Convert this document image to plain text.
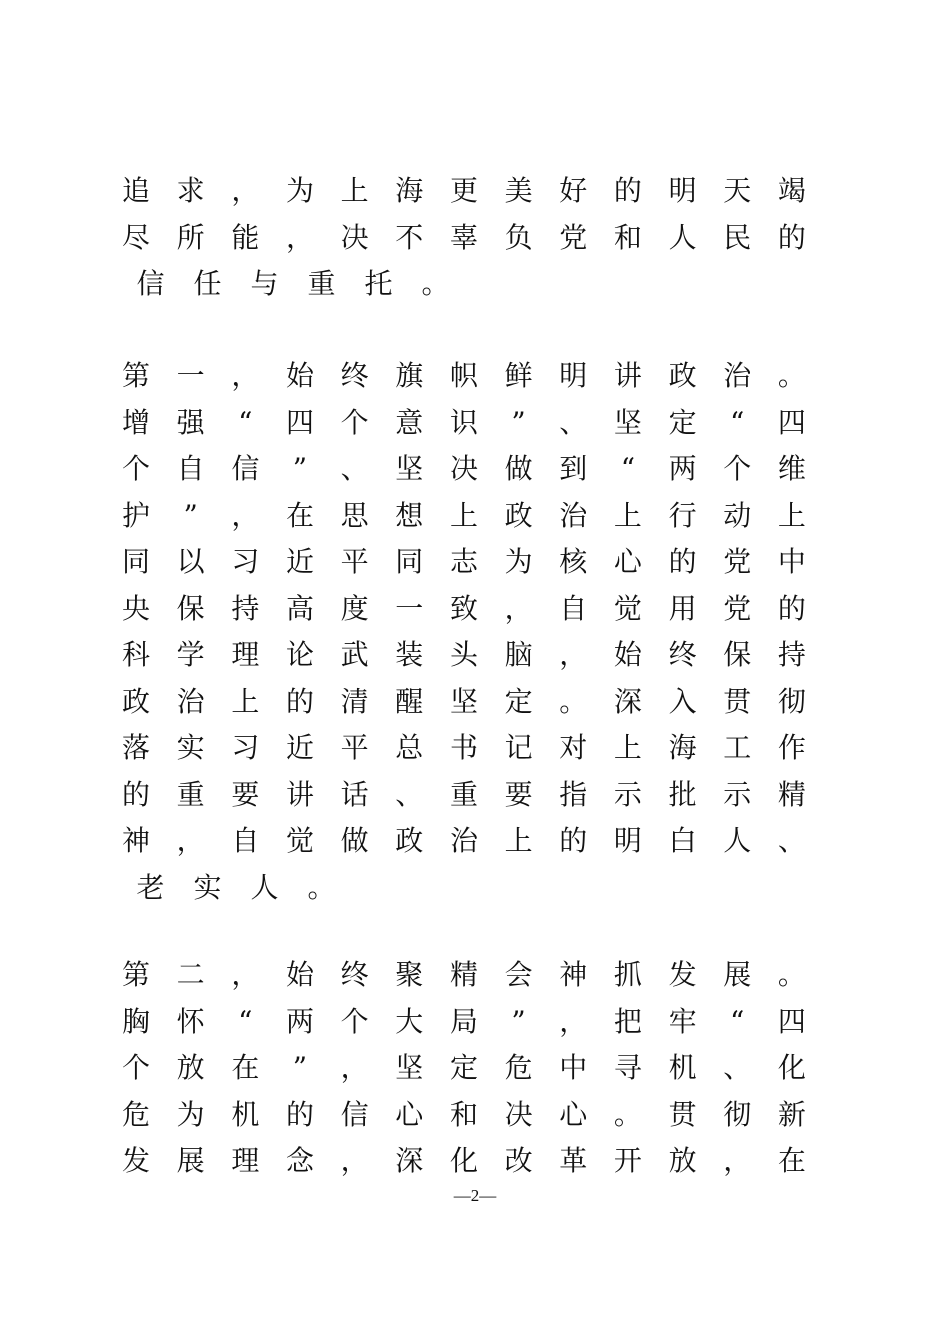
追 求 ， 为 上 海 更 美 好 的 明 天 竭
尽 所 能 ， 决 不 辜 负 党 和 人 民 的
信	任	与	重	托	。
第 一 ， 始 终 旗 帜 鲜 明 讲 政 治 。
增 强 “ 四 个 意 识 ” 、 坚 定 “ 四
个 自 信 ” 、 坚 决 做 到 “ 两 个 维
护 ” ， 在 思 想 上 政 治 上 行 动 上
同 以 习 近 平 同 志 为 核 心 的 党 中
央 保 持 高 度 一 致 ， 自 觉 用 党 的
科 学 理 论 武 装 头 脑 ， 始 终 保 持
政 治 上 的 清 醒 坚 定 。 深 入 贯 彻
落 实 习 近 平 总 书 记 对 上 海 工 作
的 重 要 讲 话 、 重 要 指 示 批 示 精
神 ， 自 觉 做 政 治 上 的 明 白 人 、
老	实	人	。
第 二 ， 始 终 聚 精 会 神 抓 发 展 。
胸 怀 “ 两 个 大 局 ” ， 把 牢 “ 四
个 放 在 ” ， 坚 定 危 中 寻 机 、 化
危 为 机 的 信 心 和 决 心 。 贯 彻 新
发 展 理 念 ， 深 化 改 革 开 放 ， 在
—2—
